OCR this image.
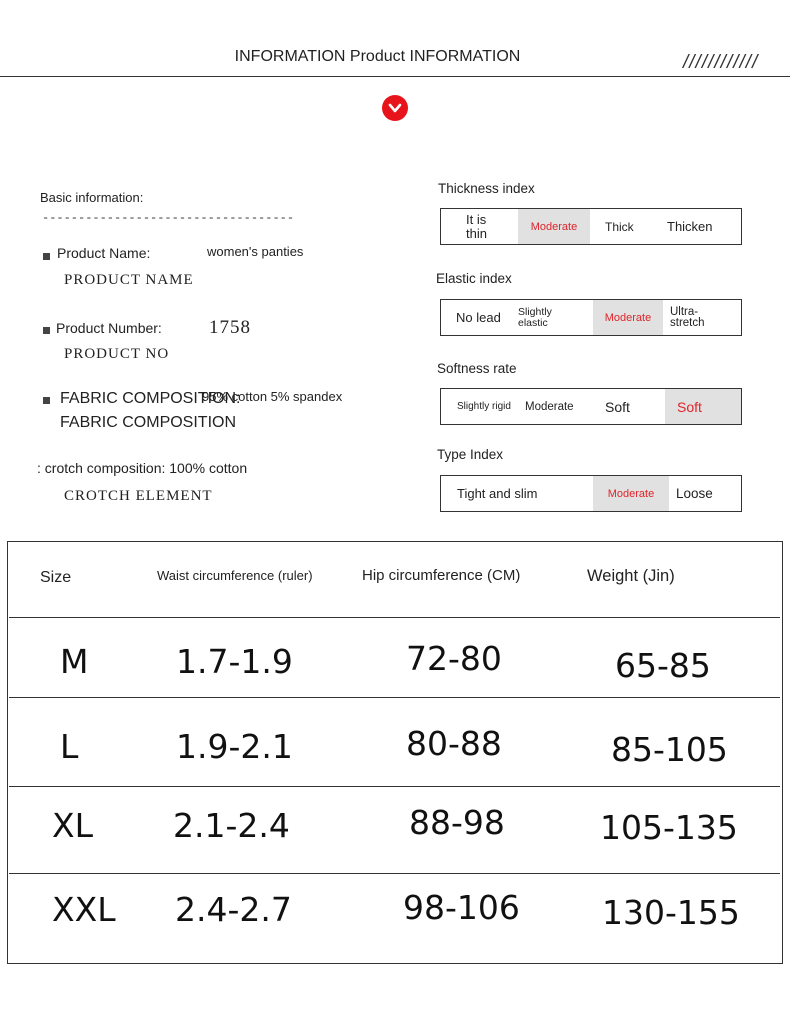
INFORMATION Product INFORMATION	////////////
Basic information:
-----------------------------------
Product Name:	women's panties
PRODUCT NAME
Product Number: 1758
PRODUCT NO
FABRIC COMPOSITION:
95% cotton 5% spandex
FABRIC COMPOSITION
: crotch composition: 100% cotton
CROTCH ELEMENT
Thickness index
It is
thin	Moderate	Thick	Thicken
Elastic index
No lead	Slightly
elastic	Moderate	Ultra-
stretch
Softness rate
Slightly rigid	Moderate	Soft	Soft
Type Index
Tight and slim	Moderate	Loose
Size	Waist circumference (ruler)	Hip circumference (CM)	Weight (Jin)
M	1.7-1.9	72-80	65-85
L	1.9-2.1	80-88	85-105
XL 2.1-2.4	88-98	105-135
XXL 2.4-2.7	98-106 130-155
